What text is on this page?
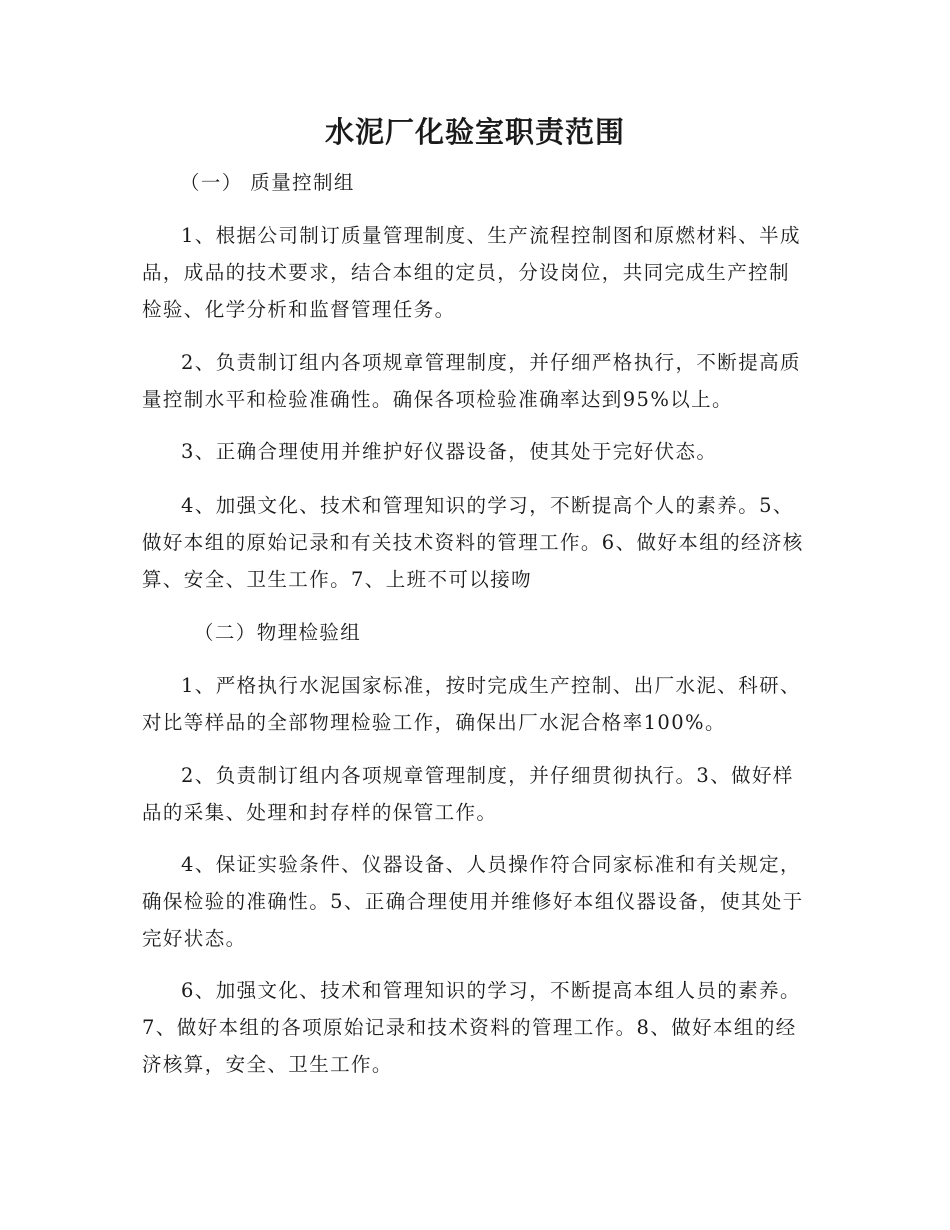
水泥厂化验室职责范围

（一） 质量控制组

1、根据公司制订质量管理制度、生产流程控制图和原燃材料、半成品，成品的技术要求，结合本组的定员，分设岗位，共同完成生产控制检验、化学分析和监督管理任务。

2、负责制订组内各项规章管理制度，并仔细严格执行，不断提高质量控制水平和检验准确性。确保各项检验准确率达到95%以上。

3、正确合理使用并维护好仪器设备，使其处于完好伏态。

4、加强文化、技术和管理知识的学习，不断提高个人的素养。5、做好本组的原始记录和有关技术资料的管理工作。6、做好本组的经济核算、安全、卫生工作。7、上班不可以接吻

（二）物理检验组

1、严格执行水泥国家标准，按时完成生产控制、出厂水泥、科研、对比等样品的全部物理检验工作，确保出厂水泥合格率100%。

2、负责制订组内各项规章管理制度，并仔细贯彻执行。3、做好样品的采集、处理和封存样的保管工作。

4、保证实验条件、仪器设备、人员操作符合同家标准和有关规定，确保检验的准确性。5、正确合理使用并维修好本组仪器设备，使其处于完好状态。

6、加强文化、技术和管理知识的学习，不断提高本组人员的素养。7、做好本组的各项原始记录和技术资料的管理工作。8、做好本组的经济核算，安全、卫生工作。
